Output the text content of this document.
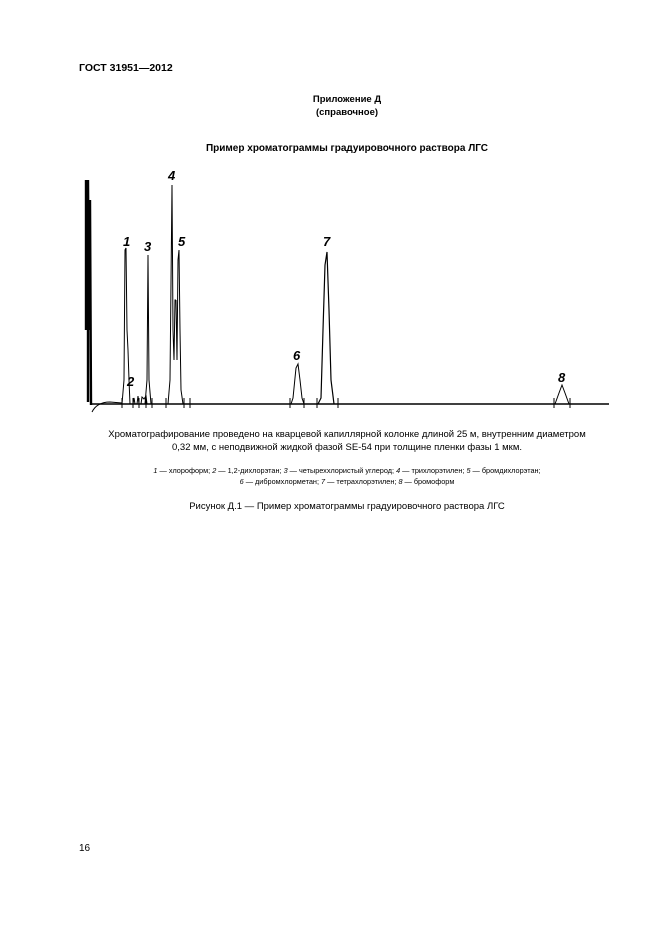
ГОСТ 31951—2012
Приложение Д
(справочное)
Пример хроматограммы градуировочного раствора ЛГС
1
2
3
4
5
6
7
8
Хроматографирование проведено на кварцевой капиллярной колонке длиной 25 м, внутренним диаметром
0,32 мм, с неподвижной жидкой фазой SE-54 при толщине пленки фазы 1 мкм.
1 — хлороформ; 2 — 1,2-дихлорэтан; 3 — четыреххлористый углерод; 4 — трихлорэтилен; 5 — бромдихлорэтан;
6 — дибромхлорметан; 7 — тетрахлорэтилен; 8 — бромоформ
Рисунок Д.1 — Пример хроматограммы градуировочного раствора ЛГС
16
